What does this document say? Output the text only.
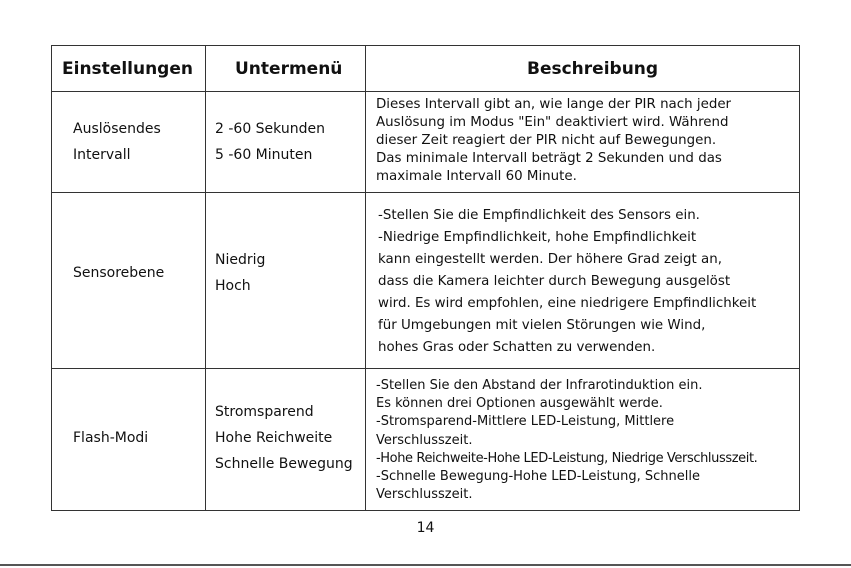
Einstellungen Untermenü	Beschreibung
Auslösendes
Intervall
2 -60 Sekunden
5 -60 Minuten
Dieses Intervall gibt an, wie lange der PIR nach jeder
Auslösung im Modus "Ein" deaktiviert wird. Während
dieser Zeit reagiert der PIR nicht auf Bewegungen.
Das minimale Intervall beträgt 2 Sekunden und das
maximale Intervall 60 Minute.
Sensorebene
Niedrig
Hoch
-Stellen Sie die Empfindlichkeit des Sensors ein.
-Niedrige Empfindlichkeit, hohe Empfindlichkeit
kann eingestellt werden. Der höhere Grad zeigt an,
dass die Kamera leichter durch Bewegung ausgelöst
wird. Es wird empfohlen, eine niedrigere Empfindlichkeit
für Umgebungen mit vielen Störungen wie Wind,
hohes Gras oder Schatten zu verwenden.
Flash-Modi
Stromsparend
Hohe Reichweite
Schnelle Bewegung
-Stellen Sie den Abstand der Infrarotinduktion ein.
Es können drei Optionen ausgewählt werde.
-Stromsparend-Mittlere LED-Leistung, Mittlere
Verschlusszeit.
-Hohe Reichweite-Hohe LED-Leistung, Niedrige Verschlusszeit.
-Schnelle Bewegung-Hohe LED-Leistung, Schnelle
Verschlusszeit.
14
